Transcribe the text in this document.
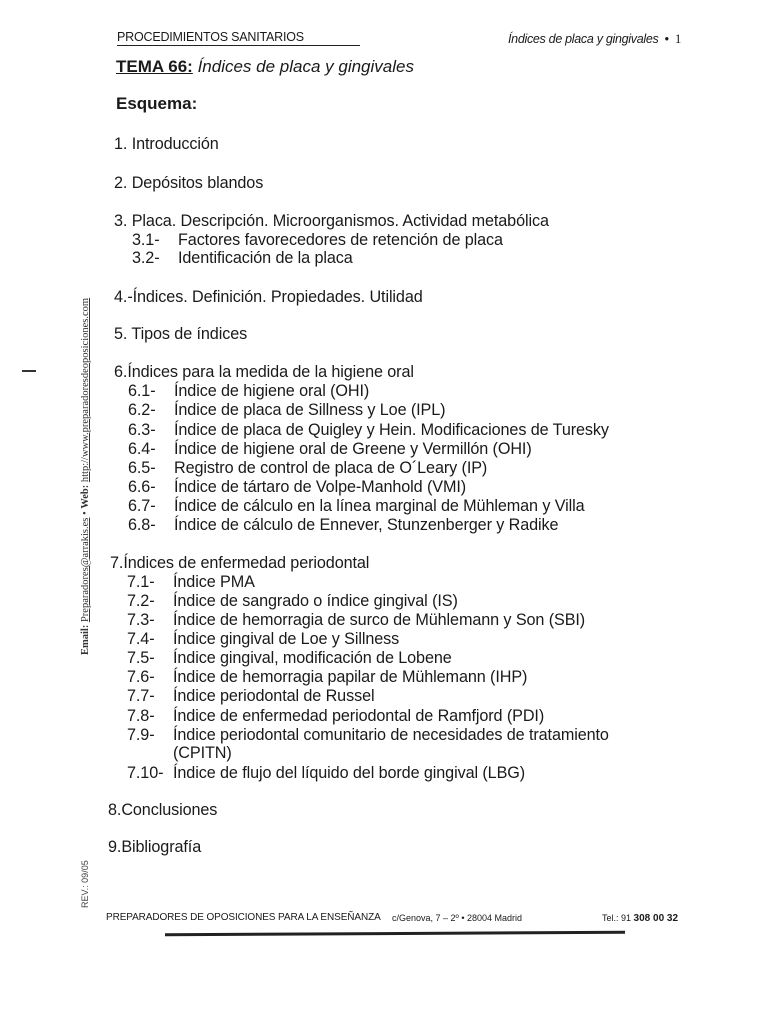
PROCEDIMIENTOS SANITARIOS	Índices de placa y gingivales • 1
TEMA 66: Índices de placa y gingivales
Esquema:
1. Introducción
2. Depósitos blandos
3. Placa. Descripción. Microorganismos. Actividad metabólica
3.1- Factores favorecedores de retención de placa
3.2- Identificación de la placa
4.-Índices. Definición. Propiedades. Utilidad
5. Tipos de índices
6.Índices para la medida de la higiene oral
6.1- Índice de higiene oral (OHI)
6.2- Índice de placa de Sillness y Loe (IPL)
6.3- Índice de placa de Quigley y Hein. Modificaciones de Turesky
6.4- Índice de higiene oral de Greene y Vermillón (OHI)
6.5- Registro de control de placa de O´Leary (IP)
6.6- Índice de tártaro de Volpe-Manhold (VMI)
6.7- Índice de cálculo en la línea marginal de Mühleman y Villa
6.8- Índice de cálculo de Ennever, Stunzenberger y Radike
7.Índices de enfermedad periodontal
7.1- Índice PMA
7.2- Índice de sangrado o índice gingival (IS)
7.3- Índice de hemorragia de surco de Mühlemann y Son (SBI)
7.4- Índice gingival de Loe y Sillness
7.5- Índice gingival, modificación de Lobene
7.6- Índice de hemorragia papilar de Mühlemann (IHP)
7.7- Índice periodontal de Russel
7.8- Índice de enfermedad periodontal de Ramfjord (PDI)
7.9- Índice periodontal comunitario de necesidades de tratamiento
(CPITN)
7.10- Índice de flujo del líquido del borde gingival (LBG)
8.Conclusiones
9.Bibliografía
Email: Preparadores@arrakis.es • Web: http://www.preparadoresdeoposiciones.com
REV.: 09/05
PREPARADORES DE OPOSICIONES PARA LA ENSEÑANZA c/Genova, 7 – 2º • 28004 Madrid	Tel.: 91 308 00 32
